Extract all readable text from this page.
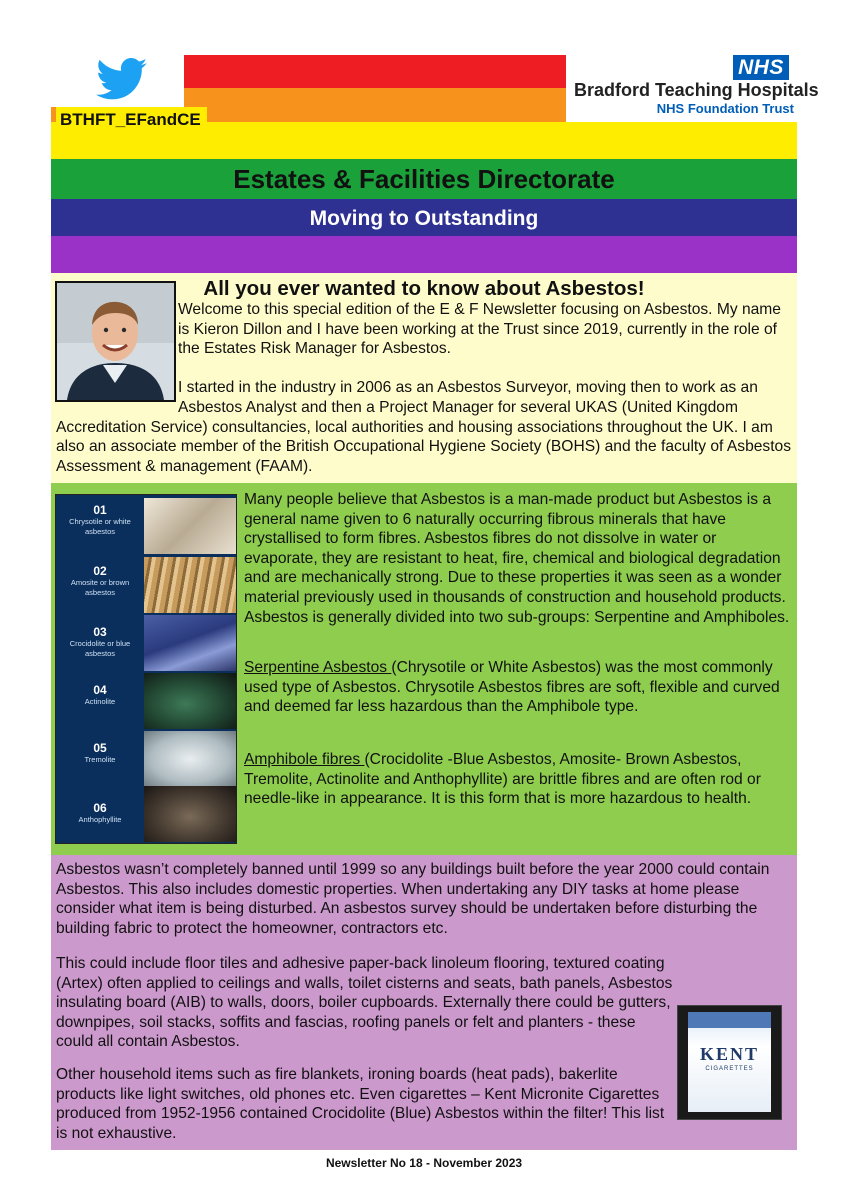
BTHFT_EFandCE
NHS
Bradford Teaching Hospitals
NHS Foundation Trust
Estates & Facilities Directorate
Moving to Outstanding
All you ever wanted to know about Asbestos!
Welcome to this special edition of the E & F Newsletter focusing on Asbestos. My name is Kieron Dillon and I have been working at the Trust since 2019, currently in the role of the Estates Risk Manager for Asbestos.

I started in the industry in 2006 as an Asbestos Surveyor, moving then to work as an Asbestos Analyst and then a Project Manager for several UKAS (United Kingdom Accreditation Service) consultancies, local authorities and housing associations throughout the UK. I am also an associate member of the British Occupational Hygiene Society (BOHS) and the faculty of Asbestos Assessment & management (FAAM).
01
Chrysotile or white asbestos
02
Amosite or brown asbestos
03
Crocidolite or blue asbestos
04
Actinolite
05
Tremolite
06
Anthophyllite
Many people believe that Asbestos is a man-made product but Asbestos is a general name given to 6 naturally occurring fibrous minerals that have crystallised to form fibres. Asbestos fibres do not dissolve in water or evaporate, they are resistant to heat, fire, chemical and biological degradation and are mechanically strong. Due to these properties it was seen as a wonder material previously used in thousands of construction and household products. Asbestos is generally divided into two sub-groups: Serpentine and Amphiboles.
Serpentine Asbestos (Chrysotile or White Asbestos) was the most commonly used type of Asbestos. Chrysotile Asbestos fibres are soft, flexible and curved and deemed far less hazardous than the Amphibole type.
Amphibole fibres (Crocidolite -Blue Asbestos, Amosite- Brown Asbestos, Tremolite, Actinolite and Anthophyllite) are brittle fibres and are often rod or needle-like in appearance. It is this form that is more hazardous to health.
Asbestos wasn’t completely banned until 1999 so any buildings built before the year 2000 could contain Asbestos. This also includes domestic properties. When undertaking any DIY tasks at home please consider what item is being disturbed. An asbestos survey should be undertaken before disturbing the building fabric to protect the homeowner, contractors etc.
This could include floor tiles and adhesive paper-back linoleum flooring, textured coating (Artex) often applied to ceilings and walls, toilet cisterns and seats, bath panels, Asbestos insulating board (AIB) to walls, doors, boiler cupboards. Externally there could be gutters, downpipes, soil stacks, soffits and fascias, roofing panels or felt and planters - these could all contain Asbestos.
Other household items such as fire blankets, ironing boards (heat pads), bakerlite products like light switches, old phones etc. Even cigarettes – Kent Micronite Cigarettes produced from 1952-1956 contained Crocidolite (Blue) Asbestos within the filter! This list is not exhaustive.
KENT
CIGARETTES
Newsletter No 18 - November 2023
